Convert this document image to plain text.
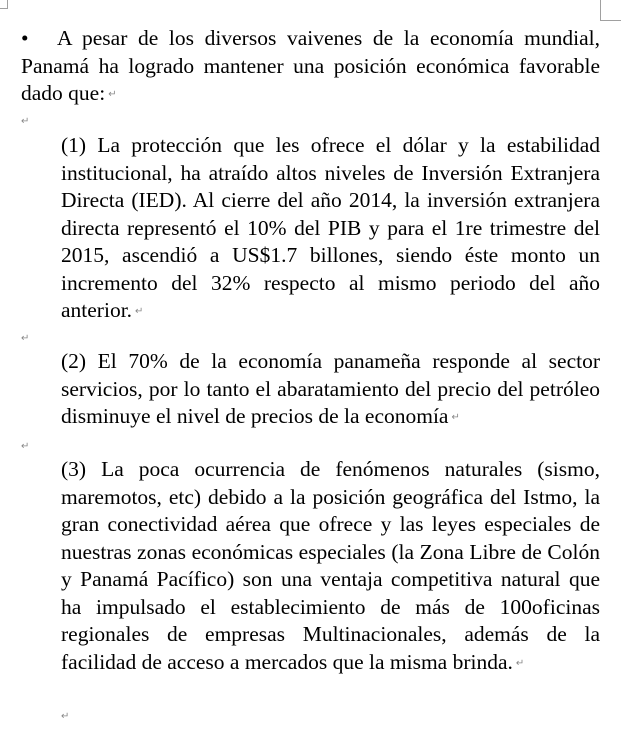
• A pesar de los diversos vaivenes de la economía mundial, Panamá ha logrado mantener una posición económica favorable dado que: ↵
↵
(1) La protección que les ofrece el dólar y la estabilidad institucional, ha atraído altos niveles de Inversión Extranjera Directa (IED). Al cierre del año 2014, la inversión extranjera directa representó el 10% del PIB y para el 1re trimestre del 2015, ascendió a US$1.7 billones, siendo éste monto un incremento del 32% respecto al mismo periodo del año anterior. ↵
↵
(2) El 70% de la economía panameña responde al sector servicios, por lo tanto el abaratamiento del precio del petróleo disminuye el nivel de precios de la economía ↵
↵
(3) La poca ocurrencia de fenómenos naturales (sismo, maremotos, etc) debido a la posición geográfica del Istmo, la gran conectividad aérea que ofrece y las leyes especiales de nuestras zonas económicas especiales (la Zona Libre de Colón y Panamá Pacífico) son una ventaja competitiva natural que ha impulsado el establecimiento de más de 100oficinas regionales de empresas Multinacionales, además de la facilidad de acceso a mercados que la misma brinda. ↵
↵
